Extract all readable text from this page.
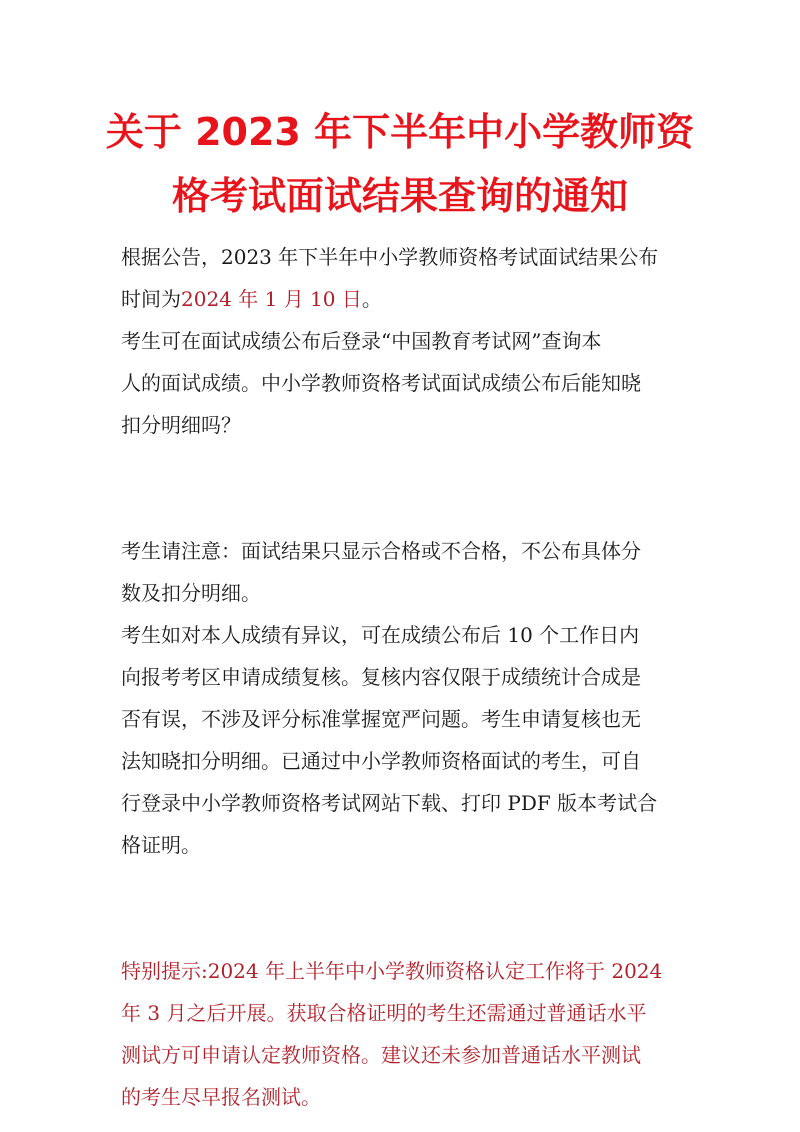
关于 2023 年下半年中小学教师资
格考试面试结果查询的通知
根据公告，2023 年下半年中小学教师资格考试面试结果公布
时间为2024 年 1 月 10 日。
考生可在面试成绩公布后登录“中国教育考试网”查询本
人的面试成绩。中小学教师资格考试面试成绩公布后能知晓
扣分明细吗？
考生请注意：面试结果只显示合格或不合格，不公布具体分
数及扣分明细。
考生如对本人成绩有异议，可在成绩公布后 10 个工作日内
向报考考区申请成绩复核。复核内容仅限于成绩统计合成是
否有误，不涉及评分标准掌握宽严问题。考生申请复核也无
法知晓扣分明细。已通过中小学教师资格面试的考生，可自
行登录中小学教师资格考试网站下载、打印 PDF 版本考试合
格证明。
特别提示:2024 年上半年中小学教师资格认定工作将于 2024
年 3 月之后开展。获取合格证明的考生还需通过普通话水平
测试方可申请认定教师资格。建议还未参加普通话水平测试
的考生尽早报名测试。
